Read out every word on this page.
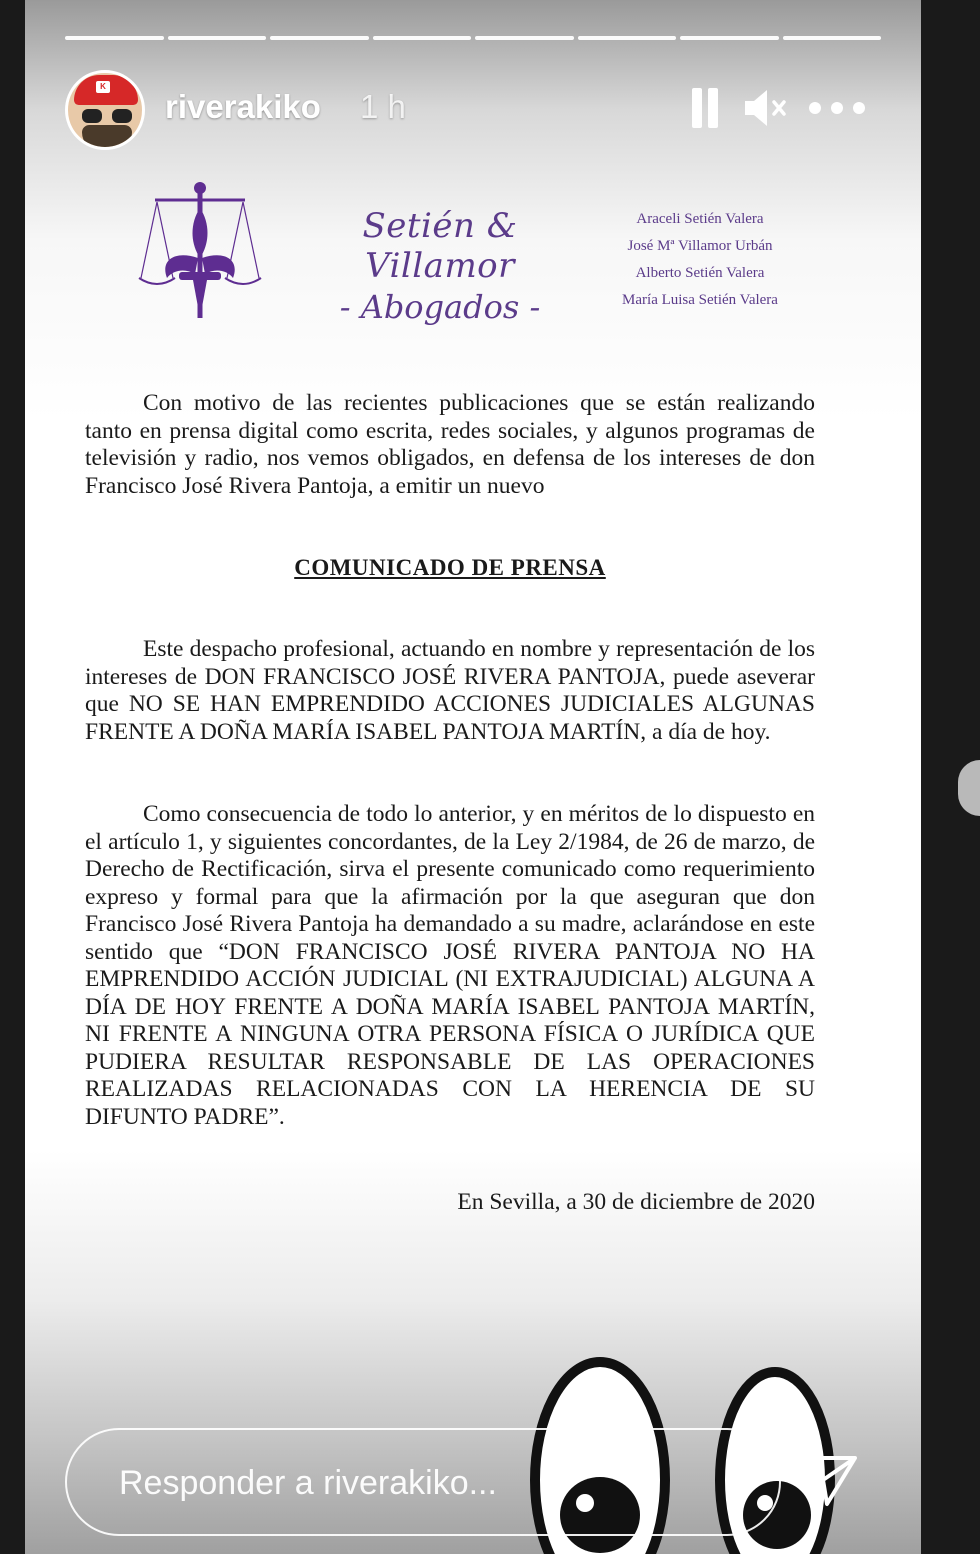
K
riverakiko 1 h
Setién & Villamor
- Abogados -
Araceli Setién Valera
José Mª Villamor Urbán
Alberto Setién Valera
María Luisa Setién Valera

Con motivo de las recientes publicaciones que se están realizando tanto en prensa digital como escrita, redes sociales, y algunos programas de televisión y radio, nos vemos obligados, en defensa de los intereses de don Francisco José Rivera Pantoja, a emitir un nuevo

COMUNICADO DE PRENSA

Este despacho profesional, actuando en nombre y representación de los intereses de DON FRANCISCO JOSÉ RIVERA PANTOJA, puede aseverar que NO SE HAN EMPRENDIDO ACCIONES JUDICIALES ALGUNAS FRENTE A DOÑA MARÍA ISABEL PANTOJA MARTÍN, a día de hoy.

Como consecuencia de todo lo anterior, y en méritos de lo dispuesto en el artículo 1, y siguientes concordantes, de la Ley 2/1984, de 26 de marzo, de Derecho de Rectificación, sirva el presente comunicado como requerimiento expreso y formal para que la afirmación por la que aseguran que don Francisco José Rivera Pantoja ha demandado a su madre, aclarándose en este sentido que “DON FRANCISCO JOSÉ RIVERA PANTOJA NO HA EMPRENDIDO ACCIÓN JUDICIAL (NI EXTRAJUDICIAL) ALGUNA A DÍA DE HOY FRENTE A DOÑA MARÍA ISABEL PANTOJA MARTÍN, NI FRENTE A NINGUNA OTRA PERSONA FÍSICA O JURÍDICA QUE PUDIERA RESULTAR RESPONSABLE DE LAS OPERACIONES REALIZADAS RELACIONADAS CON LA HERENCIA DE SU DIFUNTO PADRE”.

En Sevilla, a 30 de diciembre de 2020
Responder a riverakiko...
